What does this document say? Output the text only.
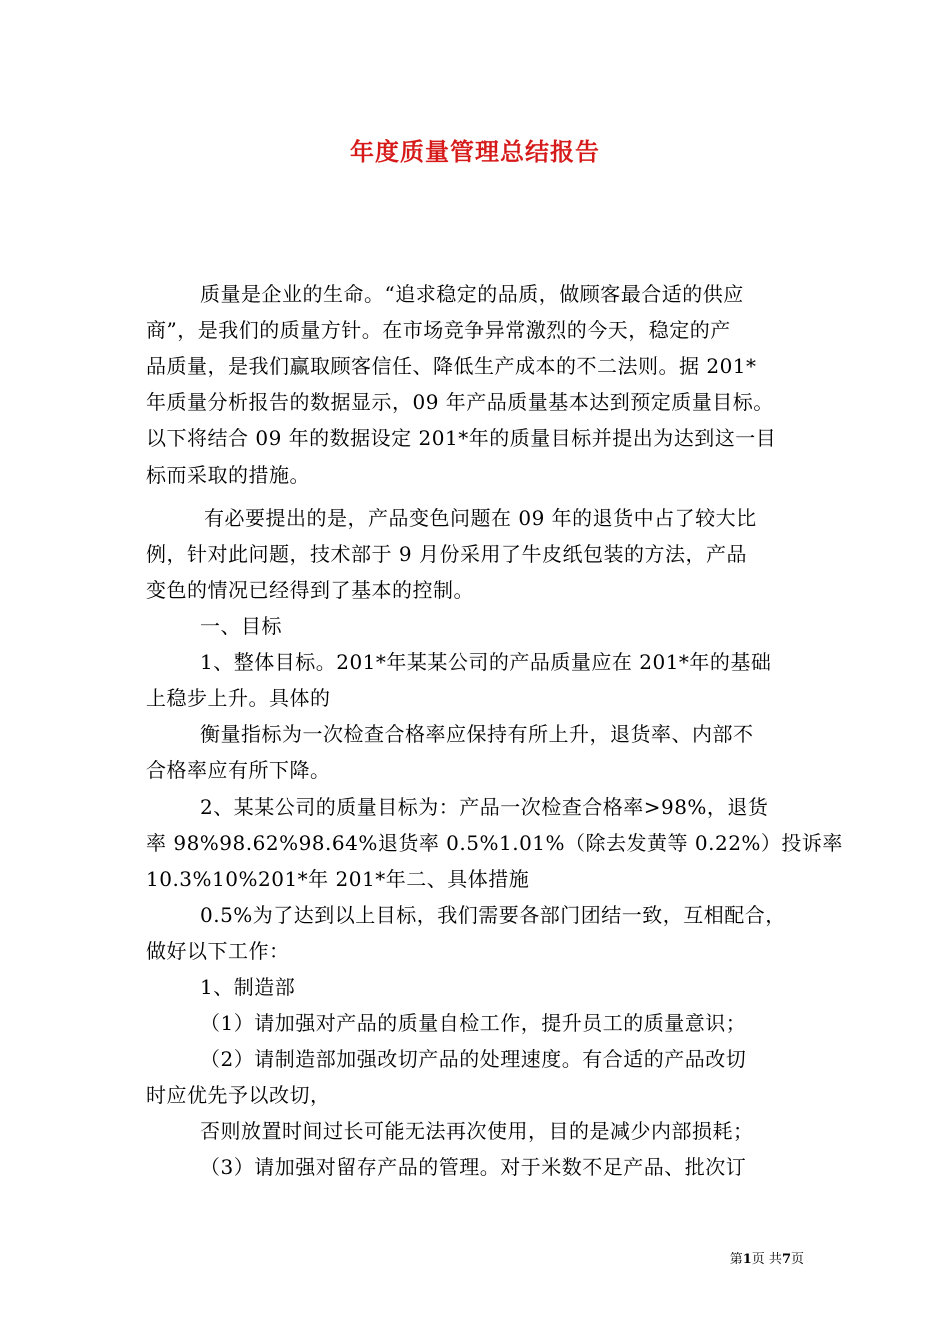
年度质量管理总结报告
质量是企业的生命。“追求稳定的品质，做顾客最合适的供应
商”，是我们的质量方针。在市场竞争异常激烈的今天，稳定的产
品质量，是我们赢取顾客信任、降低生产成本的不二法则。据 201*
年质量分析报告的数据显示，09 年产品质量基本达到预定质量目标。
以下将结合 09 年的数据设定 201*年的质量目标并提出为达到这一目
标而采取的措施。
有必要提出的是，产品变色问题在 09 年的退货中占了较大比
例，针对此问题，技术部于 9 月份采用了牛皮纸包装的方法，产品
变色的情况已经得到了基本的控制。
一、目标
1、整体目标。201*年某某公司的产品质量应在 201*年的基础
上稳步上升。具体的
衡量指标为一次检查合格率应保持有所上升，退货率、内部不
合格率应有所下降。
2、某某公司的质量目标为：产品一次检查合格率>98%，退货
率 98%98.62%98.64%退货率 0.5%1.01%（除去发黄等 0.22%）投诉率
10.3%10%201*年 201*年二、具体措施
0.5%为了达到以上目标，我们需要各部门团结一致，互相配合，
做好以下工作：
1、制造部
（1）请加强对产品的质量自检工作，提升员工的质量意识；
（2）请制造部加强改切产品的处理速度。有合适的产品改切
时应优先予以改切，
否则放置时间过长可能无法再次使用，目的是减少内部损耗；
（3）请加强对留存产品的管理。对于米数不足产品、批次订
第1页 共7页
